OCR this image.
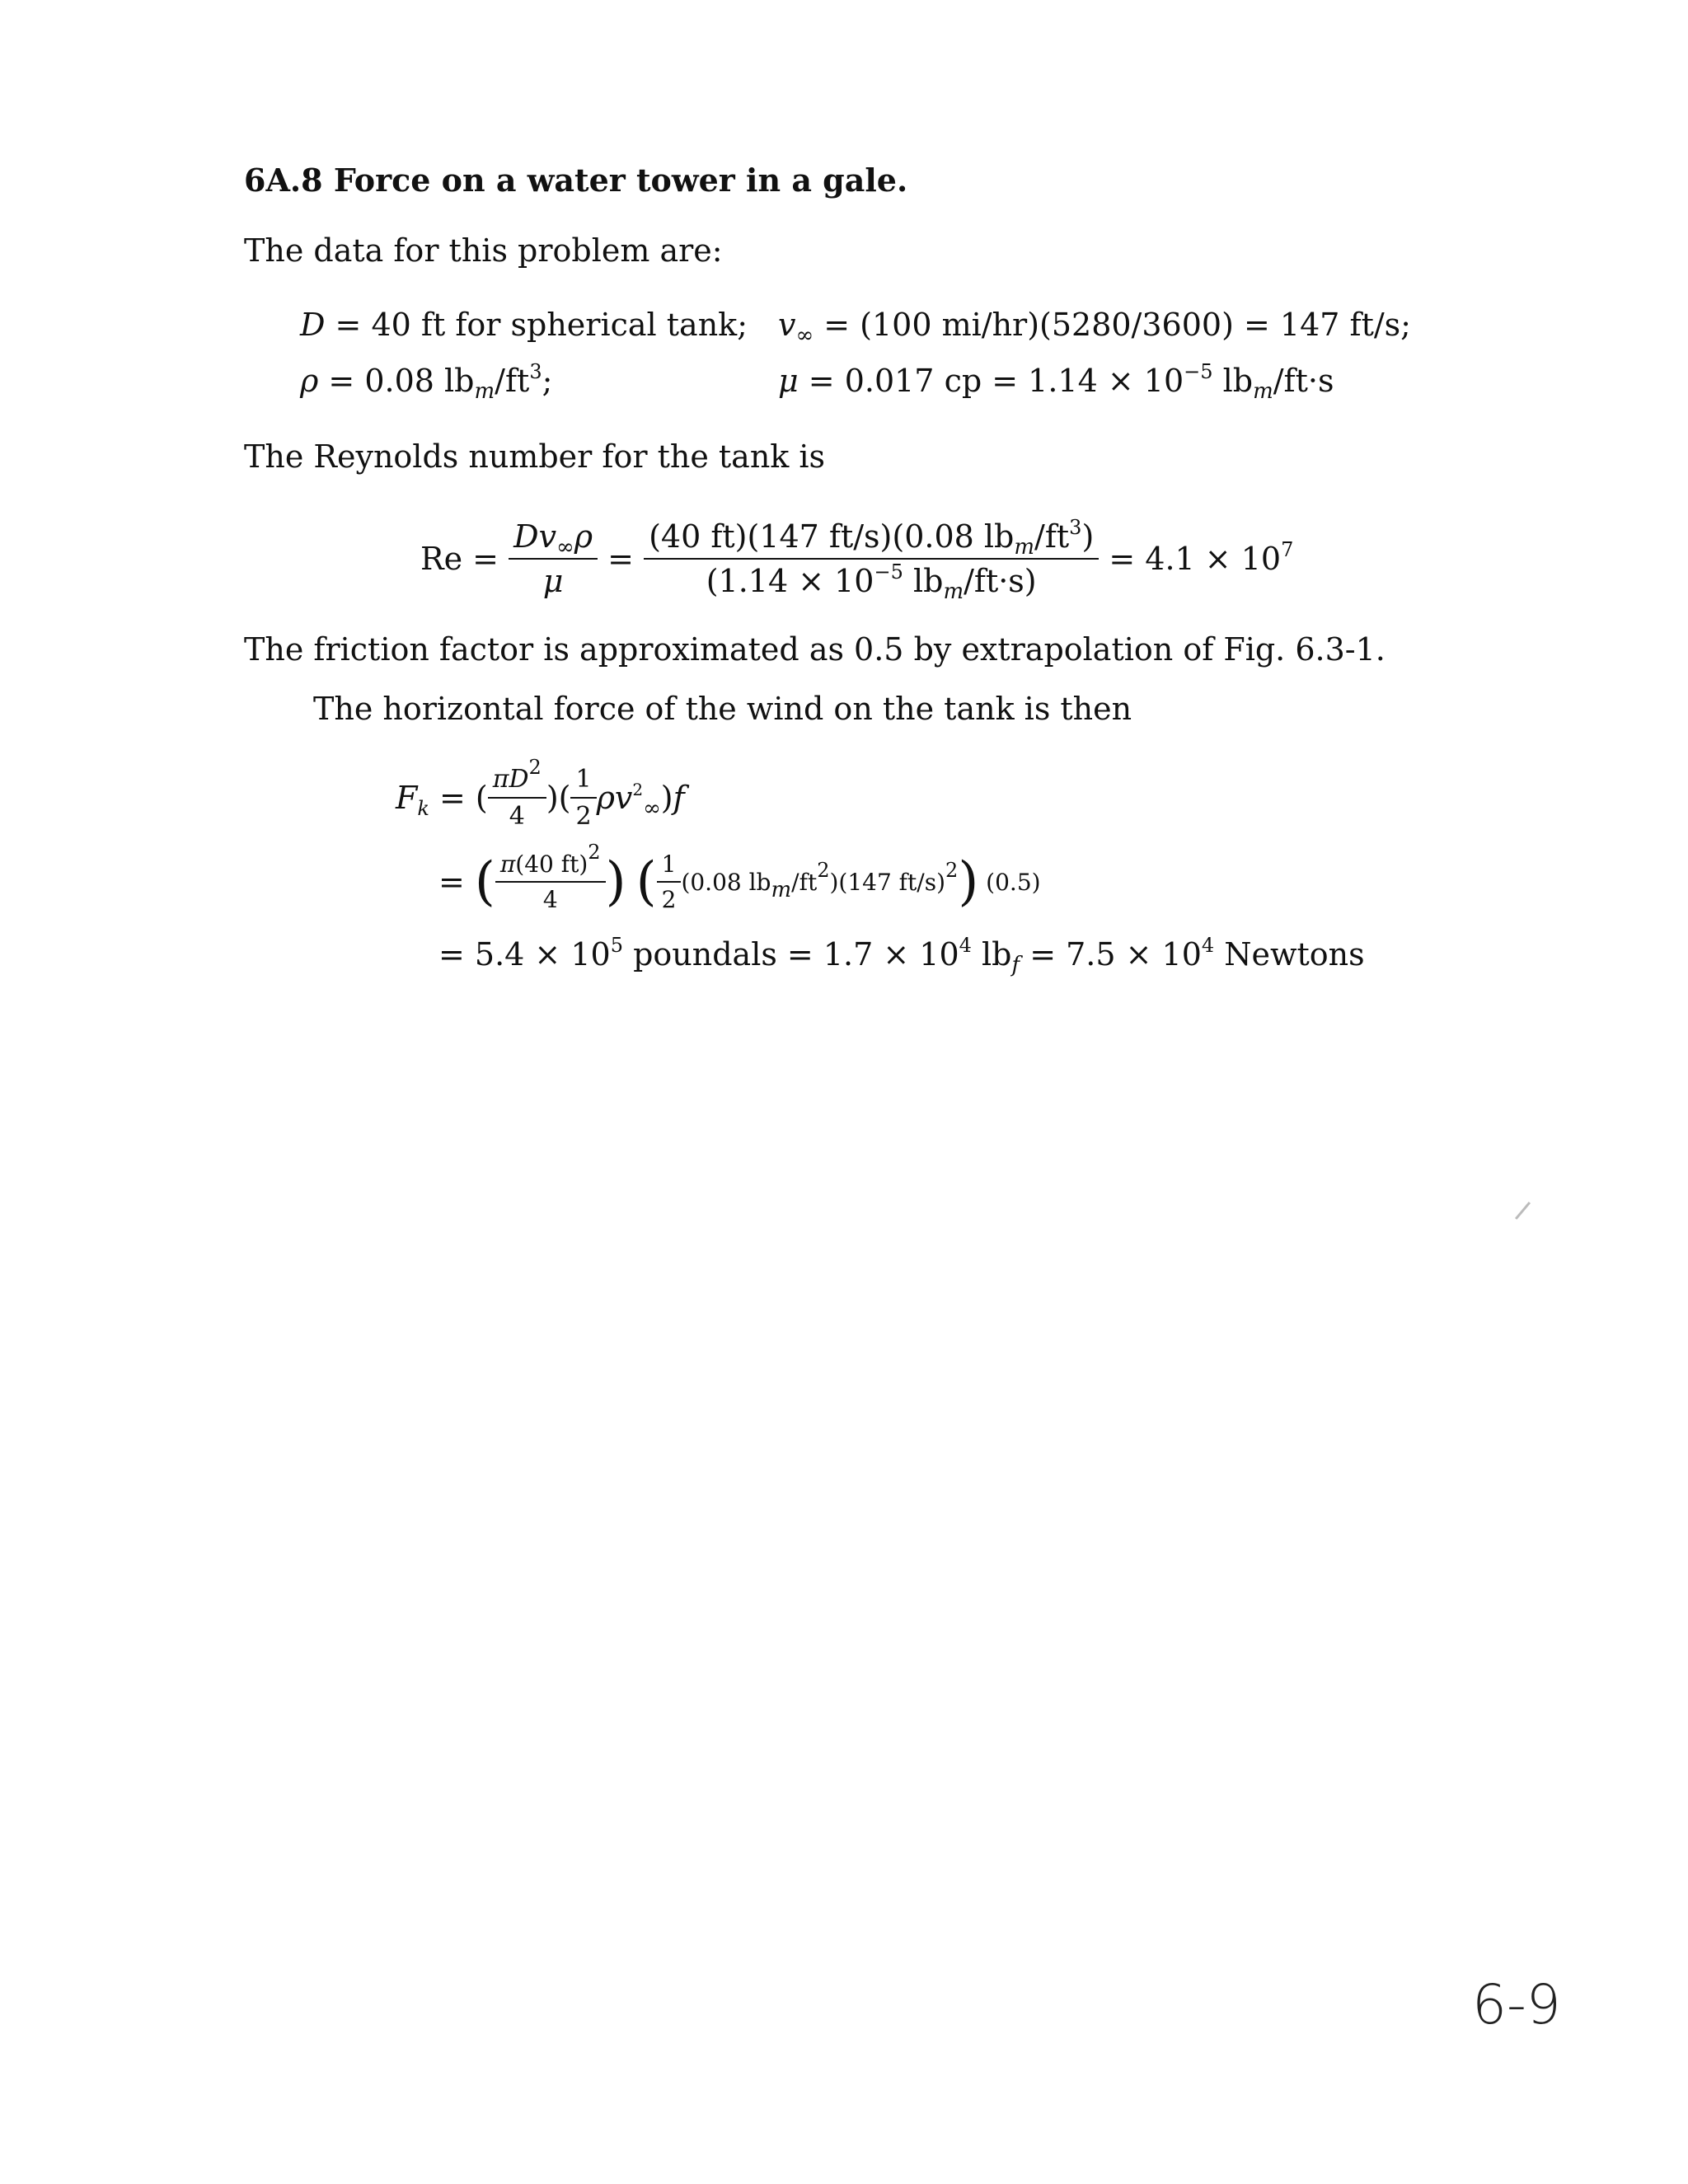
6A.8 Force on a water tower in a gale.
The data for this problem are:
D = 40 ft for spherical tank;
ρ = 0.08 $lb_m/ft^3$;
$v_\infty = (100$ mi/hr)(5280/3600) = 147 ft/s;
μ = 0.017 cp = $1.14 \times 10^{-5}$ $lb_m/ft\cdot s$
The Reynolds number for the tank is
$Re = \frac{Dv_\infty\rho}{\mu} = \frac{(40 ft)(147 ft/s)(0.08 lb_m/ft^3)}{(1.14 \times 10^{-5} lb_m/ft\cdot s)} = 4.1 \times 10^7$
The friction factor is approximated as 0.5 by extrapolation of Fig. 6.3-1.
The horizontal force of the wind on the tank is then
$F_k$ = ( $\frac{\pi D^2}{4}$ )( $\frac{1}{2} \rho v^2_\infty)f$
= ( $\frac{\pi(40 ft)^2}{4}$ )
( $\frac{1}{2} (0.08$ $lb_m/ft^2)(147$ ft/s)$^2$ ) (0.5)
= $5.4 \times 10^5$ poundals = $1.7 \times 10^4$ $lb_f = 7.5 \times 10^4$ Newtons
6-9
